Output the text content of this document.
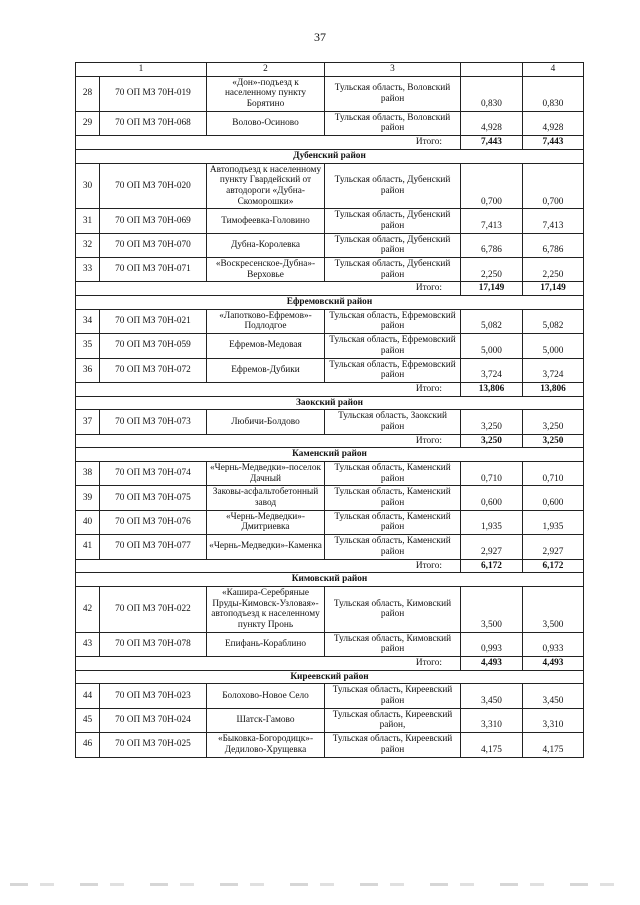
37
1		2	3		4
28	70 ОП МЗ 70Н-019	«Дон»-подъезд к населенному пункту Борятино	Тульская область, Воловский район	0,830	0,830
29	70 ОП МЗ 70Н-068	Волово-Осиново	Тульская область, Воловский район	4,928	4,928
Итого:				7,443	7,443
Дубенский район					
30	70 ОП МЗ 70Н-020	Автоподъезд к населенному пункту Гвардейский от автодороги «Дубна-Скоморошки»	Тульская область, Дубенский район	0,700	0,700
31	70 ОП МЗ 70Н-069	Тимофеевка-Головино	Тульская область, Дубенский район	7,413	7,413
32	70 ОП МЗ 70Н-070	Дубна-Королевка	Тульская область, Дубенский район	6,786	6,786
33	70 ОП МЗ 70Н-071	«Воскресенское-Дубна»-Верховье	Тульская область, Дубенский район	2,250	2,250
Итого:				17,149	17,149
Ефремовский район					
34	70 ОП МЗ 70Н-021	«Лапотково-Ефремов»-Подлодгое	Тульская область, Ефремовский район	5,082	5,082
35	70 ОП МЗ 70Н-059	Ефремов-Медовая	Тульская область, Ефремовский район	5,000	5,000
36	70 ОП МЗ 70Н-072	Ефремов-Дубики	Тульская область, Ефремовский район	3,724	3,724
Итого:				13,806	13,806
Заокский район					
37	70 ОП МЗ 70Н-073	Любичи-Болдово	Тульская область, Заокский район	3,250	3,250
Итого:				3,250	3,250
Каменский район					
38	70 ОП МЗ 70Н-074	«Чернь-Медведки»-поселок Дачный	Тульская область, Каменский район	0,710	0,710
39	70 ОП МЗ 70Н-075	Заковы-асфальтобетонный завод	Тульская область, Каменский район	0,600	0,600
40	70 ОП МЗ 70Н-076	«Чернь-Медведки»-Дмитриевка	Тульская область, Каменский район	1,935	1,935
41	70 ОП МЗ 70Н-077	«Чернь-Медведки»-Каменка	Тульская область, Каменский район	2,927	2,927
Итого:				6,172	6,172
Кимовский район					
42	70 ОП МЗ 70Н-022	«Кашира-Серебряные Пруды-Кимовск-Узловая»-автоподъезд к населенному пункту Пронь	Тульская область, Кимовский район	3,500	3,500
43	70 ОП МЗ 70Н-078	Епифань-Кораблино	Тульская область, Кимовский район	0,993	0,933
Итого:				4,493	4,493
Киреевский район					
44	70 ОП МЗ 70Н-023	Болохово-Новое Село	Тульская область, Киреевский район	3,450	3,450
45	70 ОП МЗ 70Н-024	Шатск-Гамово	Тульская область, Киреевский район,	3,310	3,310
46	70 ОП МЗ 70Н-025	«Быковка-Богородицк»-Дедилово-Хрущевка	Тульская область, Киреевский район	4,175	4,175
